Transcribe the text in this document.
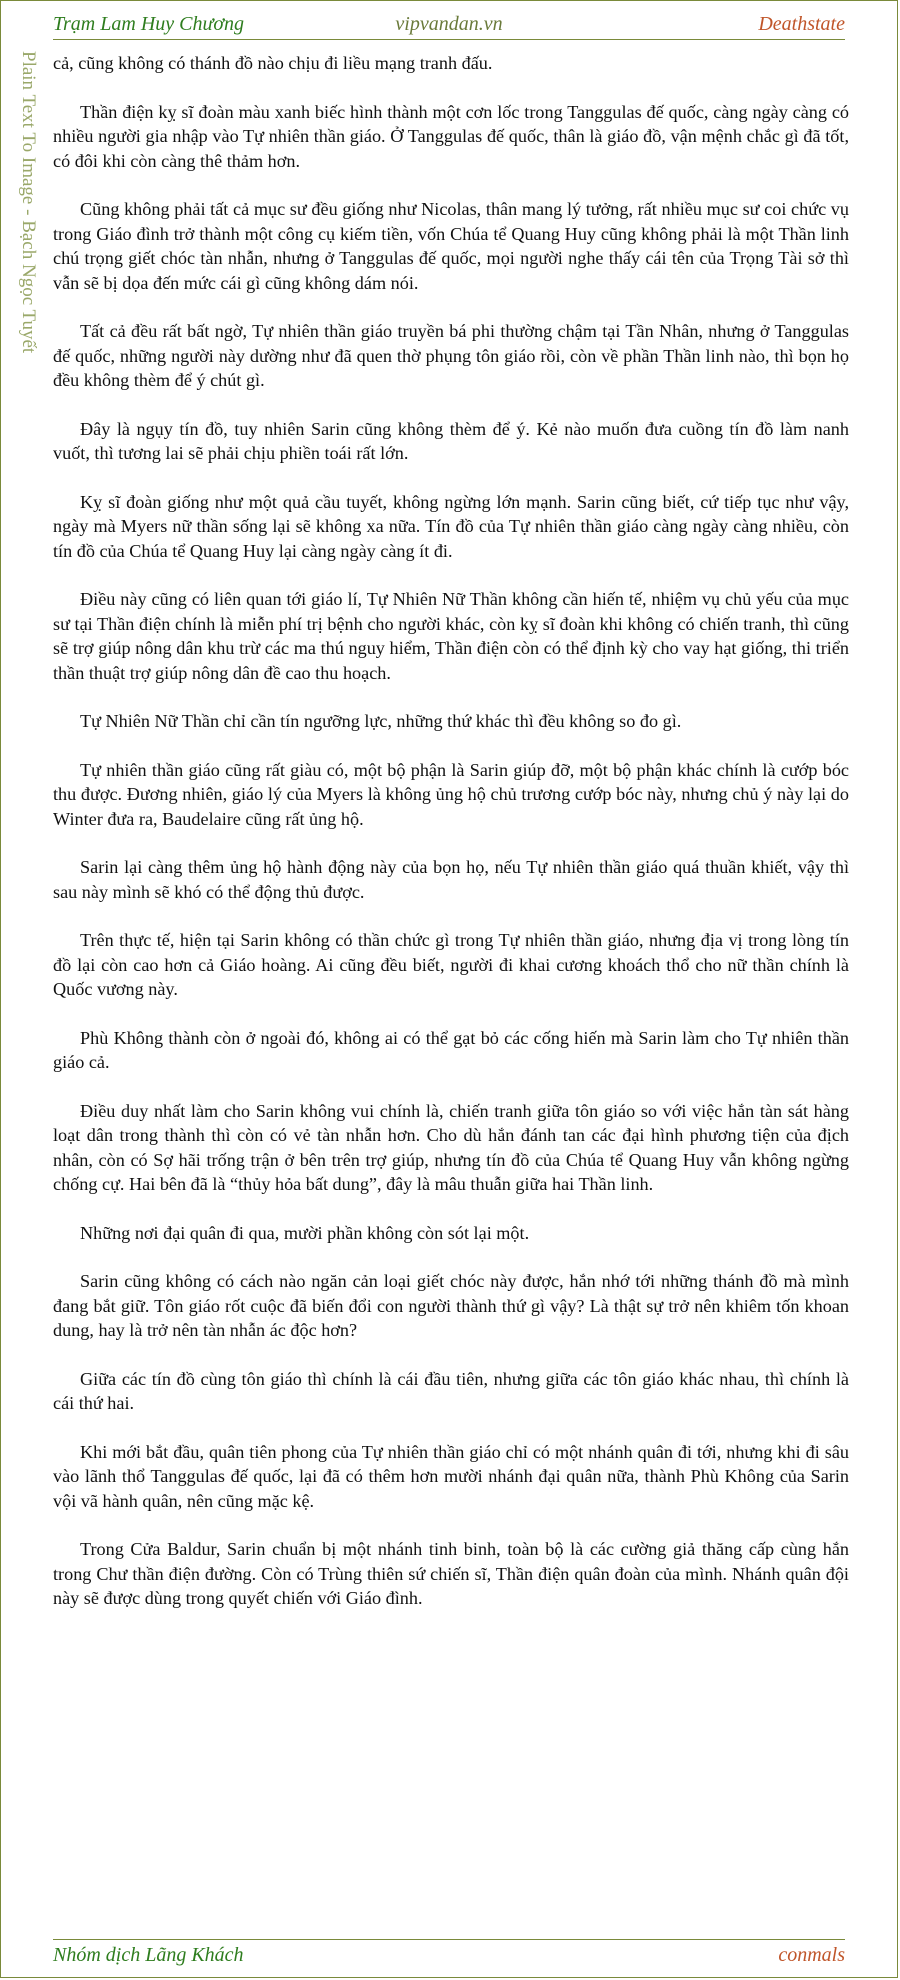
Trạm Lam Huy Chương	vipvandan.vn	Deathstate
Plain Text To Image - Bạch Ngọc Tuyết cả, cũng không có thánh đồ nào chịu đi liều mạng tranh đấu.

Thần điện kỵ sĩ đoàn màu xanh biếc hình thành một cơn lốc trong Tanggulas đế quốc, càng ngày càng có nhiều người gia nhập vào Tự nhiên thần giáo. Ở Tanggulas đế quốc, thân là giáo đồ, vận mệnh chắc gì đã tốt, có đôi khi còn càng thê thảm hơn.

Cũng không phải tất cả mục sư đều giống như Nicolas, thân mang lý tưởng, rất nhiều mục sư coi chức vụ trong Giáo đình trở thành một công cụ kiếm tiền, vốn Chúa tể Quang Huy cũng không phải là một Thần linh chú trọng giết chóc tàn nhẫn, nhưng ở Tanggulas đế quốc, mọi người nghe thấy cái tên của Trọng Tài sở thì vẫn sẽ bị dọa đến mức cái gì cũng không dám nói.

Tất cả đều rất bất ngờ, Tự nhiên thần giáo truyền bá phi thường chậm tại Tần Nhân, nhưng ở Tanggulas đế quốc, những người này dường như đã quen thờ phụng tôn giáo rồi, còn về phần Thần linh nào, thì bọn họ đều không thèm để ý chút gì.

Đây là ngụy tín đồ, tuy nhiên Sarin cũng không thèm để ý. Kẻ nào muốn đưa cuồng tín đồ làm nanh vuốt, thì tương lai sẽ phải chịu phiền toái rất lớn.

Kỵ sĩ đoàn giống như một quả cầu tuyết, không ngừng lớn mạnh. Sarin cũng biết, cứ tiếp tục như vậy, ngày mà Myers nữ thần sống lại sẽ không xa nữa. Tín đồ của Tự nhiên thần giáo càng ngày càng nhiều, còn tín đồ của Chúa tể Quang Huy lại càng ngày càng ít đi.

Điều này cũng có liên quan tới giáo lí, Tự Nhiên Nữ Thần không cần hiến tế, nhiệm vụ chủ yếu của mục sư tại Thần điện chính là miễn phí trị bệnh cho người khác, còn kỵ sĩ đoàn khi không có chiến tranh, thì cũng sẽ trợ giúp nông dân khu trừ các ma thú nguy hiểm, Thần điện còn có thể định kỳ cho vay hạt giống, thi triển thần thuật trợ giúp nông dân đề cao thu hoạch.

Tự Nhiên Nữ Thần chỉ cần tín ngưỡng lực, những thứ khác thì đều không so đo gì.

Tự nhiên thần giáo cũng rất giàu có, một bộ phận là Sarin giúp đỡ, một bộ phận khác chính là cướp bóc thu được. Đương nhiên, giáo lý của Myers là không ủng hộ chủ trương cướp bóc này, nhưng chủ ý này lại do Winter đưa ra, Baudelaire cũng rất ủng hộ.

Sarin lại càng thêm ủng hộ hành động này của bọn họ, nếu Tự nhiên thần giáo quá thuần khiết, vậy thì sau này mình sẽ khó có thể động thủ được.

Trên thực tế, hiện tại Sarin không có thần chức gì trong Tự nhiên thần giáo, nhưng địa vị trong lòng tín đồ lại còn cao hơn cả Giáo hoàng. Ai cũng đều biết, người đi khai cương khoách thổ cho nữ thần chính là Quốc vương này.

Phù Không thành còn ở ngoài đó, không ai có thể gạt bỏ các cống hiến mà Sarin làm cho Tự nhiên thần giáo cả.

Điều duy nhất làm cho Sarin không vui chính là, chiến tranh giữa tôn giáo so với việc hắn tàn sát hàng loạt dân trong thành thì còn có vẻ tàn nhẫn hơn. Cho dù hắn đánh tan các đại hình phương tiện của địch nhân, còn có Sợ hãi trống trận ở bên trên trợ giúp, nhưng tín đồ của Chúa tể Quang Huy vẫn không ngừng chống cự. Hai bên đã là “thủy hỏa bất dung”, đây là mâu thuẫn giữa hai Thần linh.

Những nơi đại quân đi qua, mười phần không còn sót lại một.

Sarin cũng không có cách nào ngăn cản loại giết chóc này được, hắn nhớ tới những thánh đồ mà mình đang bắt giữ. Tôn giáo rốt cuộc đã biến đổi con người thành thứ gì vậy? Là thật sự trở nên khiêm tốn khoan dung, hay là trở nên tàn nhẫn ác độc hơn?

Giữa các tín đồ cùng tôn giáo thì chính là cái đầu tiên, nhưng giữa các tôn giáo khác nhau, thì chính là cái thứ hai.

Khi mới bắt đầu, quân tiên phong của Tự nhiên thần giáo chỉ có một nhánh quân đi tới, nhưng khi đi sâu vào lãnh thổ Tanggulas đế quốc, lại đã có thêm hơn mười nhánh đại quân nữa, thành Phù Không của Sarin vội vã hành quân, nên cũng mặc kệ.

Trong Cửa Baldur, Sarin chuẩn bị một nhánh tinh binh, toàn bộ là các cường giả thăng cấp cùng hắn trong Chư thần điện đường. Còn có Trùng thiên sứ chiến sĩ, Thần điện quân đoàn của mình. Nhánh quân đội này sẽ được dùng trong quyết chiến với Giáo đình.

Nhóm dịch Lãng Khách	conmals
